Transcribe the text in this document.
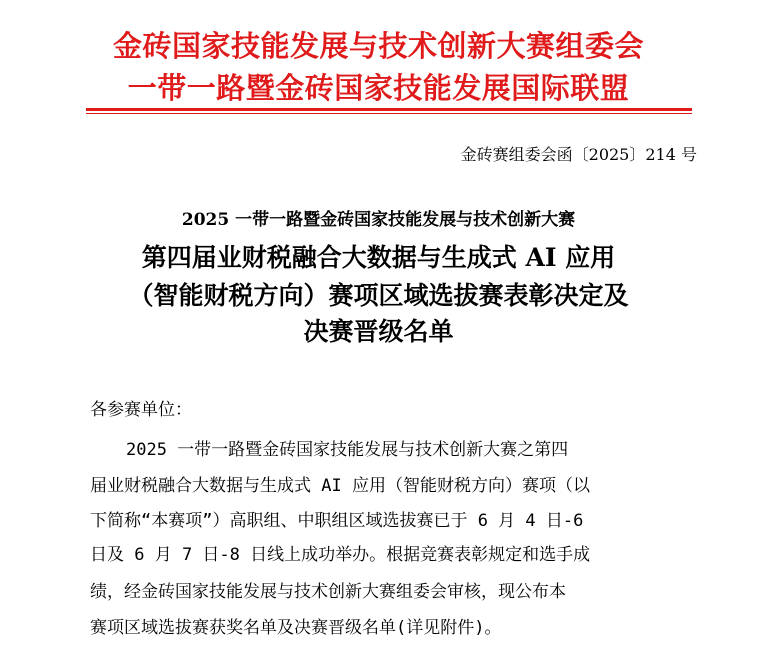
金砖国家技能发展与技术创新大赛组委会
一带一路暨金砖国家技能发展国际联盟
金砖赛组委会函〔2025〕214 号
2025 一带一路暨金砖国家技能发展与技术创新大赛
第四届业财税融合大数据与生成式 AI 应用
（智能财税方向）赛项区域选拔赛表彰决定及
决赛晋级名单
各参赛单位：
2025 一带一路暨金砖国家技能发展与技术创新大赛之第四
届业财税融合大数据与生成式 AI 应用（智能财税方向）赛项（以
下简称“本赛项”）高职组、中职组区域选拔赛已于 6 月 4 日-6
日及 6 月 7 日-8 日线上成功举办。根据竞赛表彰规定和选手成
绩，经金砖国家技能发展与技术创新大赛组委会审核，现公布本
赛项区域选拔赛获奖名单及决赛晋级名单(详见附件)。
